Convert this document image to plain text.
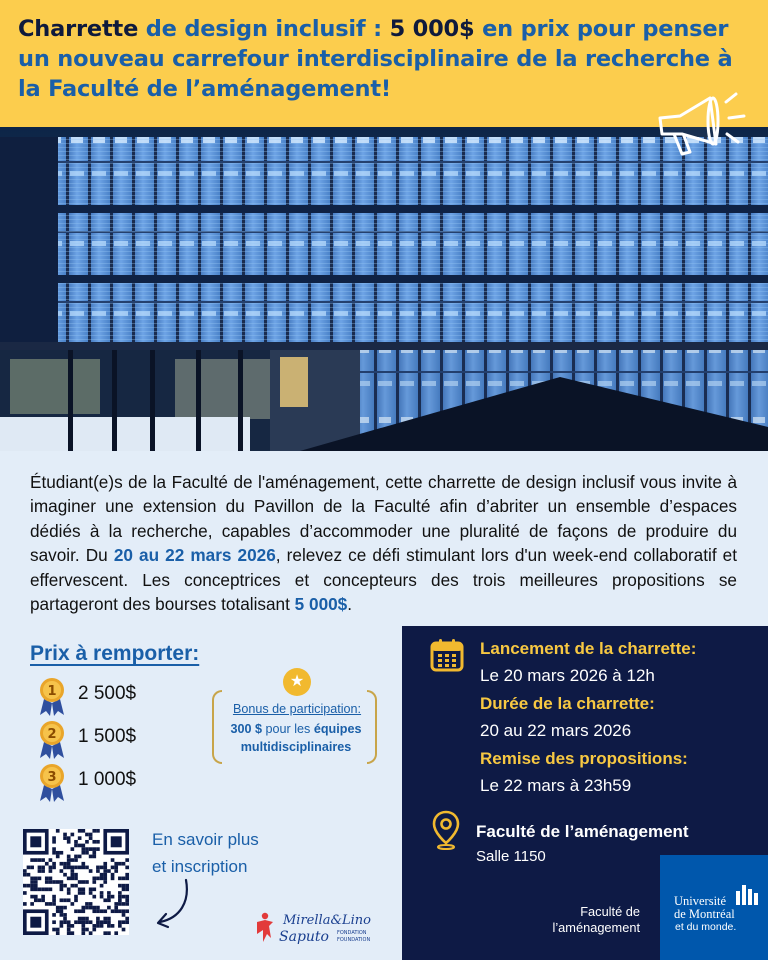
Charrette de design inclusif : 5 000$ en prix pour penser un nouveau carrefour interdisciplinaire de la recherche à la Faculté de l’aménagement!
Étudiant(e)s de la Faculté de l'aménagement, cette charrette de design inclusif vous invite à imaginer une extension du Pavillon de la Faculté afin d’abriter un ensemble d’espaces dédiés à la recherche, capables d’accommoder une pluralité de façons de produire du savoir. Du 20 au 22 mars 2026, relevez ce défi stimulant lors d'un week-end collaboratif et effervescent. Les conceptrices et concepteurs des trois meilleures propositions se partageront des bourses totalisant 5 000$.
Prix à remporter:
1 2 500$
2 1 500$
3 1 000$
★
Bonus de participation:
300 $ pour les équipes multidisciplinaires
En savoir plus
et inscription
Mirella&Lino
Saputo FONDATION
FOUNDATION
Lancement de la charrette:
Le 20 mars 2026 à 12h
Durée de la charrette:
20 au 22 mars 2026
Remise des propositions:
Le 22 mars à 23h59
Faculté de l’aménagement
Salle 1150
Faculté de
l’aménagement
Université
de Montréal
et du monde.
